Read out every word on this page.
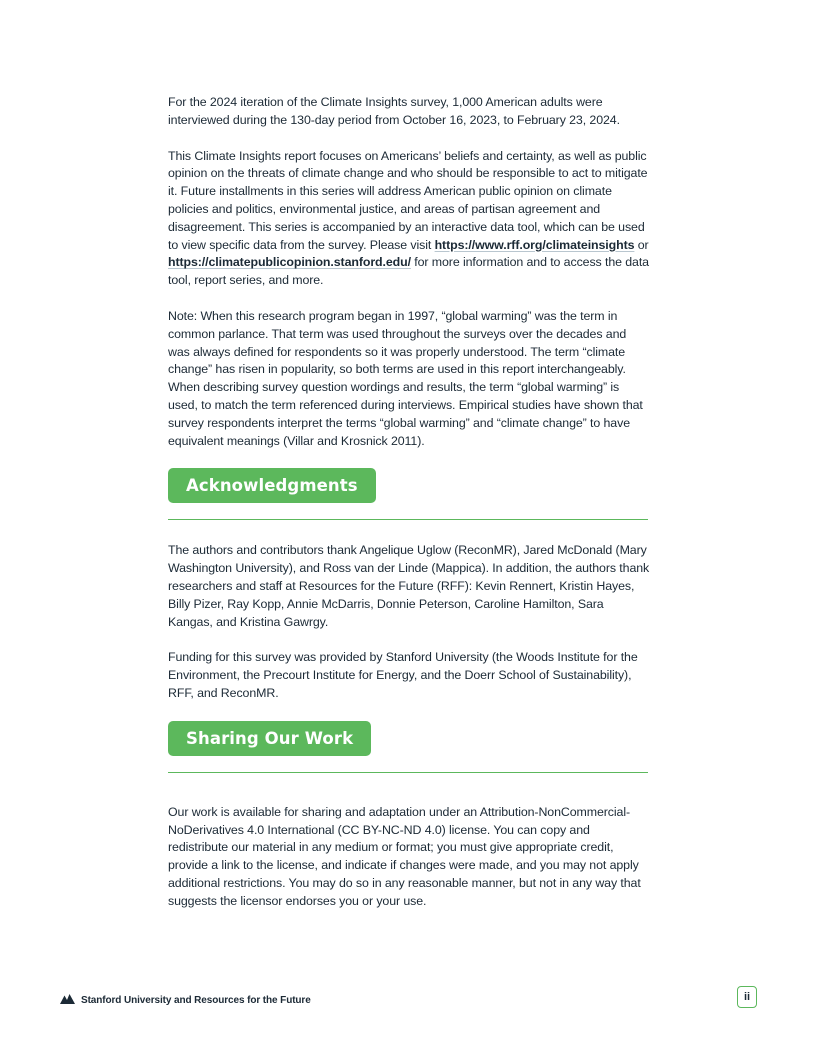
For the 2024 iteration of the Climate Insights survey, 1,000 American adults were interviewed during the 130-day period from October 16, 2023, to February 23, 2024.

This Climate Insights report focuses on Americans’ beliefs and certainty, as well as public opinion on the threats of climate change and who should be responsible to act to mitigate it. Future installments in this series will address American public opinion on climate policies and politics, environmental justice, and areas of partisan agreement and disagreement. This series is accompanied by an interactive data tool, which can be used to view specific data from the survey. Please visit https://www.rff.org/climateinsights or https://climatepublicopinion.stanford.edu/ for more information and to access the data tool, report series, and more.

Note: When this research program began in 1997, “global warming” was the term in common parlance. That term was used throughout the surveys over the decades and was always defined for respondents so it was properly understood. The term “climate change” has risen in popularity, so both terms are used in this report interchangeably. When describing survey question wordings and results, the term “global warming” is used, to match the term referenced during interviews. Empirical studies have shown that survey respondents interpret the terms “global warming” and “climate change” to have equivalent meanings (Villar and Krosnick 2011).

Acknowledgments

The authors and contributors thank Angelique Uglow (ReconMR), Jared McDonald (Mary Washington University), and Ross van der Linde (Mappica). In addition, the authors thank researchers and staff at Resources for the Future (RFF): Kevin Rennert, Kristin Hayes, Billy Pizer, Ray Kopp, Annie McDarris, Donnie Peterson, Caroline Hamilton, Sara Kangas, and Kristina Gawrgy.

Funding for this survey was provided by Stanford University (the Woods Institute for the Environment, the Precourt Institute for Energy, and the Doerr School of Sustainability), RFF, and ReconMR.

Sharing Our Work

Our work is available for sharing and adaptation under an Attribution-NonCommercial-NoDerivatives 4.0 International (CC BY-NC-ND 4.0) license. You can copy and redistribute our material in any medium or format; you must give appropriate credit, provide a link to the license, and indicate if changes were made, and you may not apply additional restrictions. You may do so in any reasonable manner, but not in any way that suggests the licensor endorses you or your use.

Stanford University and Resources for the Future	ii
